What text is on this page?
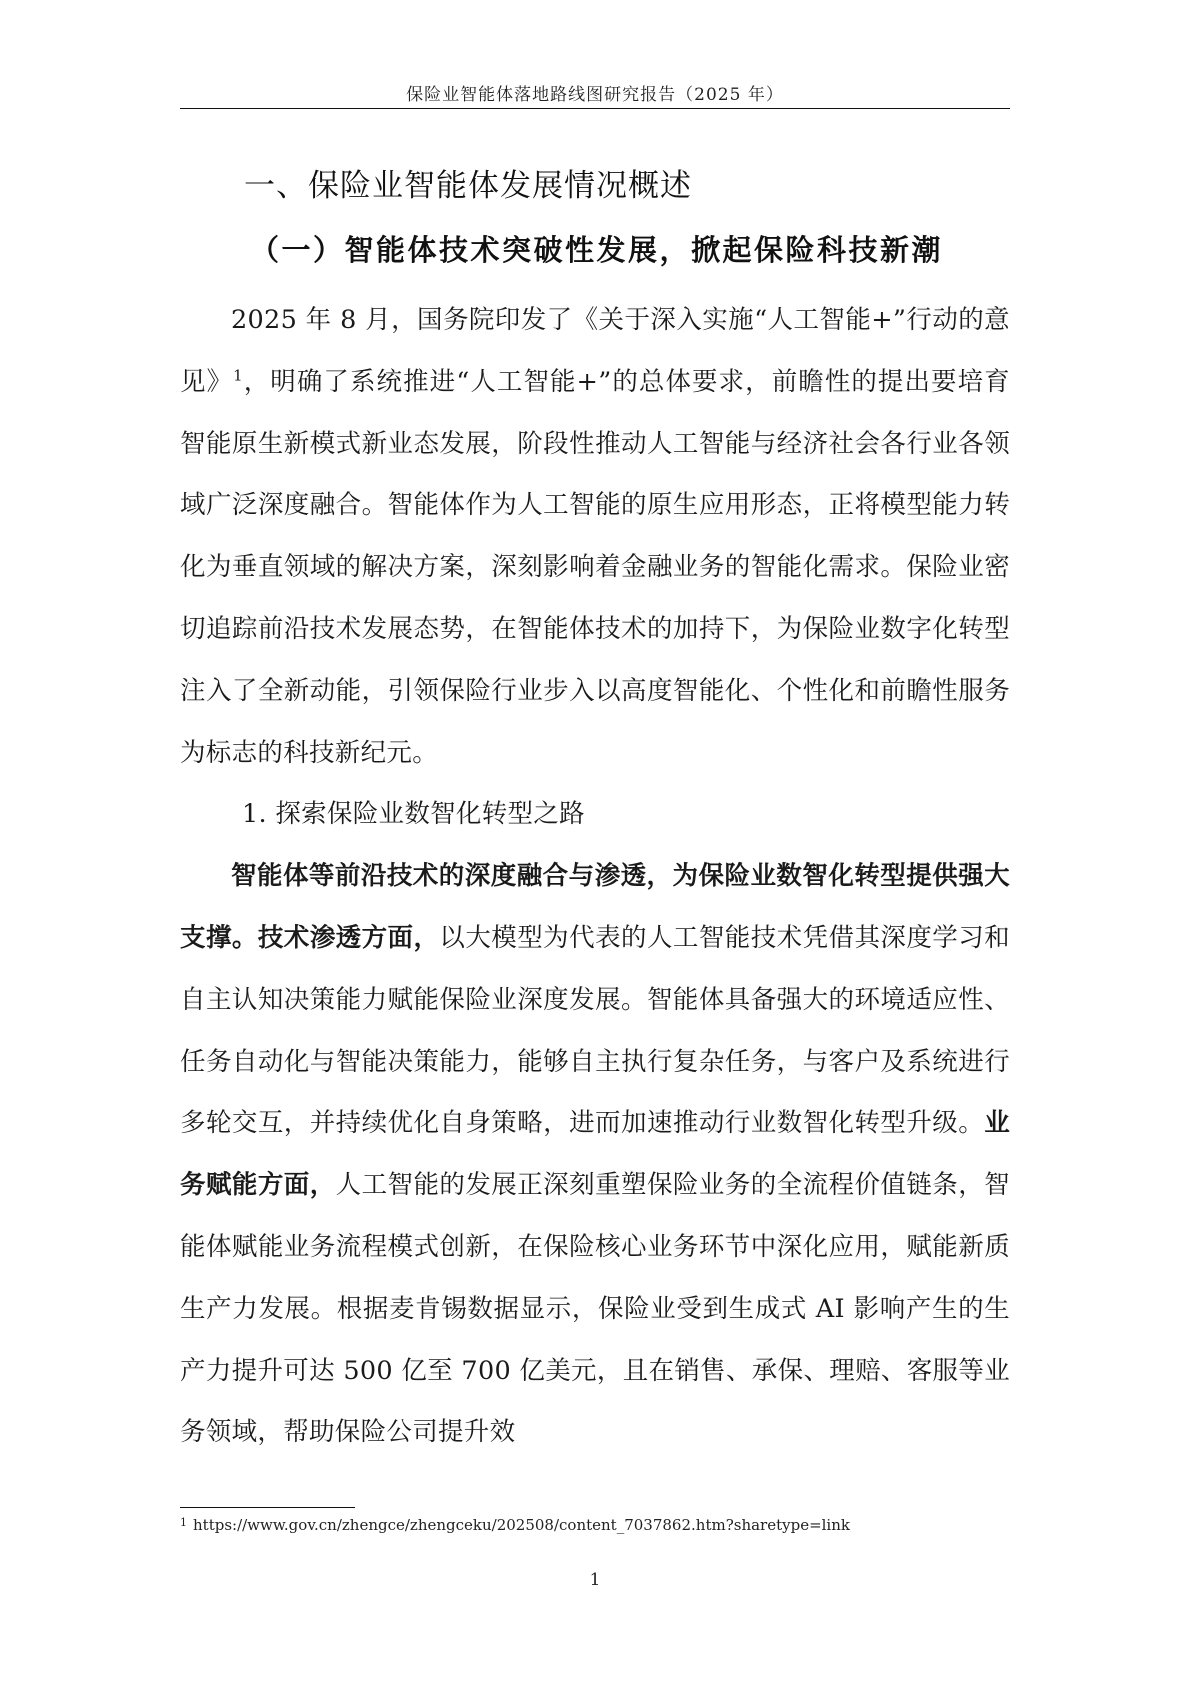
保险业智能体落地路线图研究报告（2025 年）
一、保险业智能体发展情况概述
（一）智能体技术突破性发展，掀起保险科技新潮

2025 年 8 月，国务院印发了《关于深入实施“人工智能+”行动的意见》$^1$，明确了系统推进“人工智能+”的总体要求，前瞻性的提出要培育智能原生新模式新业态发展，阶段性推动人工智能与经济社会各行业各领域广泛深度融合。智能体作为人工智能的原生应用形态，正将模型能力转化为垂直领域的解决方案，深刻影响着金融业务的智能化需求。保险业密切追踪前沿技术发展态势，在智能体技术的加持下，为保险业数字化转型注入了全新动能，引领保险行业步入以高度智能化、个性化和前瞻性服务为标志的科技新纪元。

1. 探索保险业数智化转型之路

智能体等前沿技术的深度融合与渗透，为保险业数智化转型提供强大支撑。技术渗透方面，以大模型为代表的人工智能技术凭借其深度学习和自主认知决策能力赋能保险业深度发展。智能体具备强大的环境适应性、任务自动化与智能决策能力，能够自主执行复杂任务，与客户及系统进行多轮交互，并持续优化自身策略，进而加速推动行业数智化转型升级。业务赋能方面，人工智能的发展正深刻重塑保险业务的全流程价值链条，智能体赋能业务流程模式创新，在保险核心业务环节中深化应用，赋能新质生产力发展。根据麦肯锡数据显示，保险业受到生成式 AI 影响产生的生产力提升可达 500 亿至 700 亿美元，且在销售、承保、理赔、客服等业务领域，帮助保险公司提升效

$^1$ https://www.gov.cn/zhengce/zhengceku/202508/content_7037862.htm?sharetype=link
1
